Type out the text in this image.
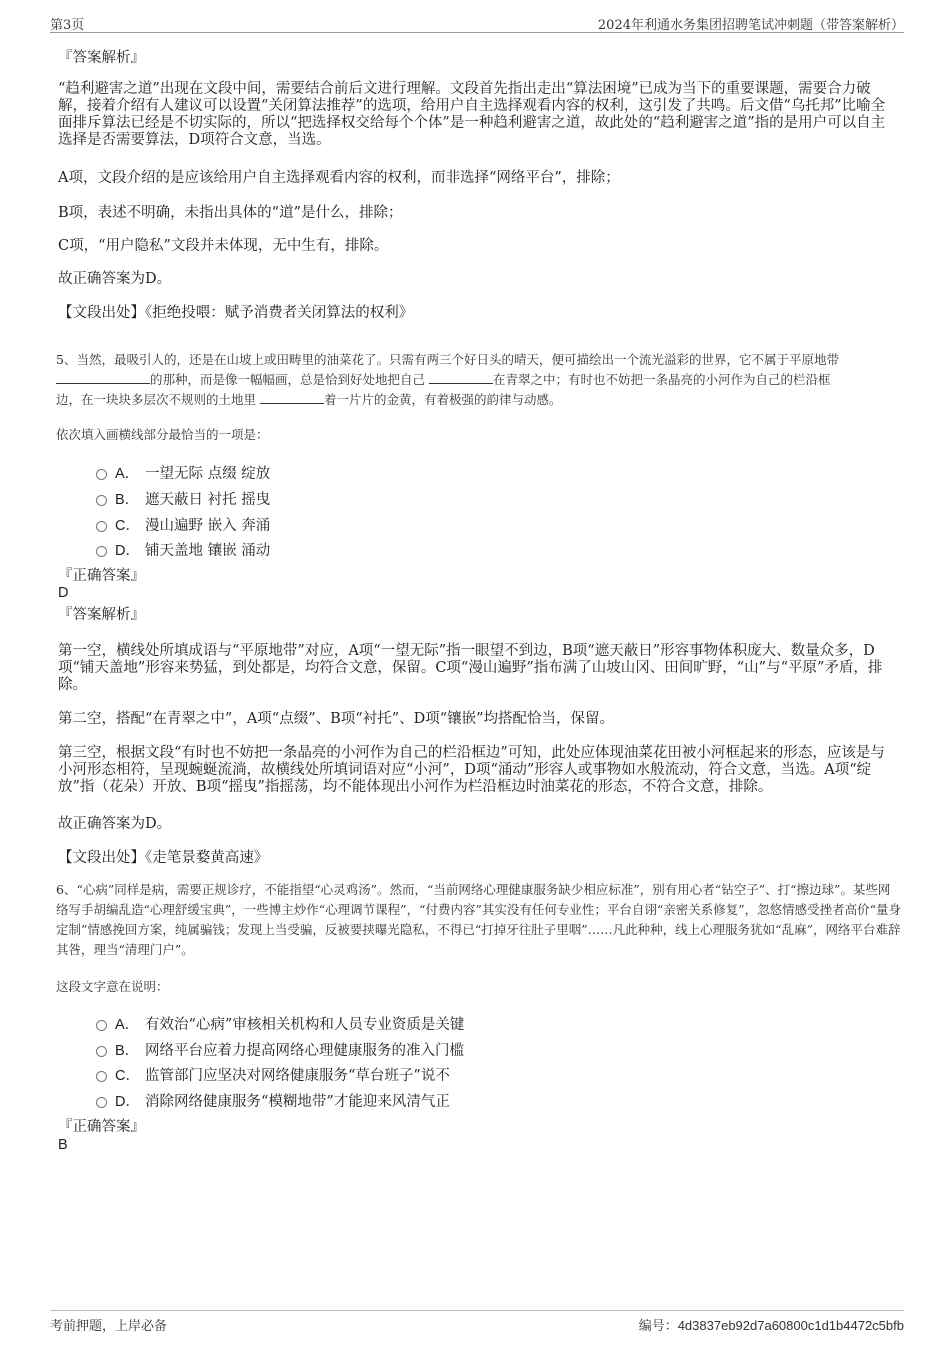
第3页	2024年利通水务集团招聘笔试冲刺题（带答案解析）
『答案解析』
“趋利避害之道”出现在文段中间，需要结合前后文进行理解。文段首先指出走出“算法困境”已成为当下的重要课题，需要合力破解，接着介绍有人建议可以设置“关闭算法推荐”的选项，给用户自主选择观看内容的权利，这引发了共鸣。后文借“乌托邦”比喻全面排斥算法已经是不切实际的，所以“把选择权交给每个个体”是一种趋利避害之道，故此处的“趋利避害之道”指的是用户可以自主选择是否需要算法，D项符合文意，当选。
A项，文段介绍的是应该给用户自主选择观看内容的权利，而非选择“网络平台”，排除；
B项，表述不明确，未指出具体的“道”是什么，排除；
C项，“用户隐私”文段并未体现，无中生有，排除。
故正确答案为D。
【文段出处】《拒绝投喂：赋予消费者关闭算法的权利》
5、当然，最吸引人的，还是在山坡上或田畴里的油菜花了。只需有两三个好日头的晴天，便可描绘出一个流光溢彩的世界，它不属于平原地带
的那种，而是像一幅幅画，总是恰到好处地把自己	在青翠之中；有时也不妨把一条晶亮的小河作为自己的栏沿框
边，在一块块多层次不规则的土地里	着一片片的金黄，有着极强的韵律与动感。
依次填入画横线部分最恰当的一项是：
A． 一望无际 点缀 绽放
B． 遮天蔽日 衬托 摇曳
C． 漫山遍野 嵌入 奔涌
D． 铺天盖地 镶嵌 涌动
『正确答案』
D
『答案解析』
第一空，横线处所填成语与“平原地带”对应，A项“一望无际”指一眼望不到边，B项“遮天蔽日”形容事物体积庞大、数量众多，D项“铺天盖地”形容来势猛，到处都是，均符合文意，保留。C项“漫山遍野”指布满了山坡山冈、田间旷野，“山”与“平原”矛盾，排除。
第二空，搭配“在青翠之中”，A项“点缀”、B项“衬托”、D项“镶嵌”均搭配恰当，保留。
第三空，根据文段“有时也不妨把一条晶亮的小河作为自己的栏沿框边”可知，此处应体现油菜花田被小河框起来的形态，应该是与小河形态相符，呈现蜿蜒流淌，故横线处所填词语对应“小河”，D项“涌动”形容人或事物如水般流动，符合文意，当选。A项“绽放”指（花朵）开放、B项“摇曳”指摇荡，均不能体现出小河作为栏沿框边时油菜花的形态，不符合文意，排除。
故正确答案为D。
【文段出处】《走笔景婺黄高速》
6、“心病”同样是病，需要正规诊疗，不能指望“心灵鸡汤”。然而，“当前网络心理健康服务缺少相应标准”，别有用心者“钻空子”、打“擦边球”。某些网络写手胡编乱造“心理舒缓宝典”，一些博主炒作“心理调节课程”，“付费内容”其实没有任何专业性；平台自诩“亲密关系修复”，忽悠情感受挫者高价“量身定制”情感挽回方案，纯属骗钱；发现上当受骗，反被要挟曝光隐私，不得已“打掉牙往肚子里咽”……凡此种种，线上心理服务犹如“乱麻”，网络平台难辞其咎，理当“清理门户”。
这段文字意在说明：
A． 有效治“心病”审核相关机构和人员专业资质是关键
B． 网络平台应着力提高网络心理健康服务的准入门槛
C． 监管部门应坚决对网络健康服务“草台班子”说不
D． 消除网络健康服务“模糊地带”才能迎来风清气正
『正确答案』
B
考前押题，上岸必备	编号：4d3837eb92d7a60800c1d1b4472c5bfb
